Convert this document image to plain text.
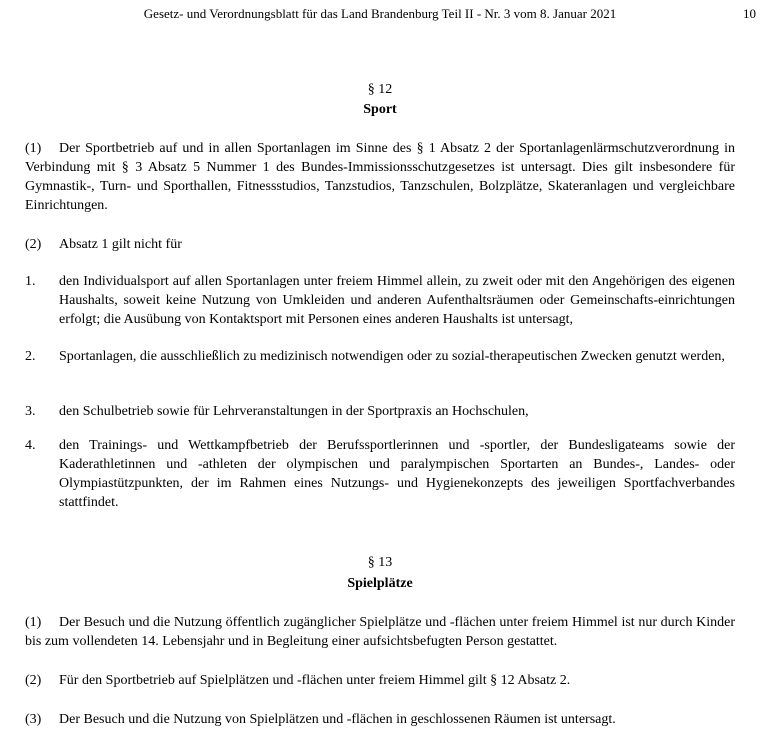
Gesetz- und Verordnungsblatt für das Land Brandenburg Teil II - Nr. 3 vom 8. Januar 2021	10
§ 12
Sport
(1)	Der Sportbetrieb auf und in allen Sportanlagen im Sinne des § 1 Absatz 2 der Sportanlagenlärmschutzverordnung in Verbindung mit § 3 Absatz 5 Nummer 1 des Bundes-Immissionsschutzgesetzes ist untersagt. Dies gilt insbesondere für Gymnastik-, Turn- und Sporthallen, Fitnessstudios, Tanzstudios, Tanzschulen, Bolzplätze, Skateranlagen und vergleichbare Einrichtungen.
(2)	Absatz 1 gilt nicht für
1.	den Individualsport auf allen Sportanlagen unter freiem Himmel allein, zu zweit oder mit den Angehörigen des eigenen Haushalts, soweit keine Nutzung von Umkleiden und anderen Aufenthaltsräumen oder Gemeinschafts-einrichtungen erfolgt; die Ausübung von Kontaktsport mit Personen eines anderen Haushalts ist untersagt,
2.	Sportanlagen, die ausschließlich zu medizinisch notwendigen oder zu sozial-therapeutischen Zwecken genutzt werden,
3.	den Schulbetrieb sowie für Lehrveranstaltungen in der Sportpraxis an Hochschulen,
4.	den Trainings- und Wettkampfbetrieb der Berufssportlerinnen und -sportler, der Bundesligateams sowie der Kaderathletinnen und -athleten der olympischen und paralympischen Sportarten an Bundes-, Landes- oder Olympiastützpunkten, der im Rahmen eines Nutzungs- und Hygienekonzepts des jeweiligen Sportfachverbandes stattfindet.
§ 13
Spielplätze
(1)	Der Besuch und die Nutzung öffentlich zugänglicher Spielplätze und -flächen unter freiem Himmel ist nur durch Kinder bis zum vollendeten 14. Lebensjahr und in Begleitung einer aufsichtsbefugten Person gestattet.
(2)	Für den Sportbetrieb auf Spielplätzen und -flächen unter freiem Himmel gilt § 12 Absatz 2.
(3)	Der Besuch und die Nutzung von Spielplätzen und -flächen in geschlossenen Räumen ist untersagt.
